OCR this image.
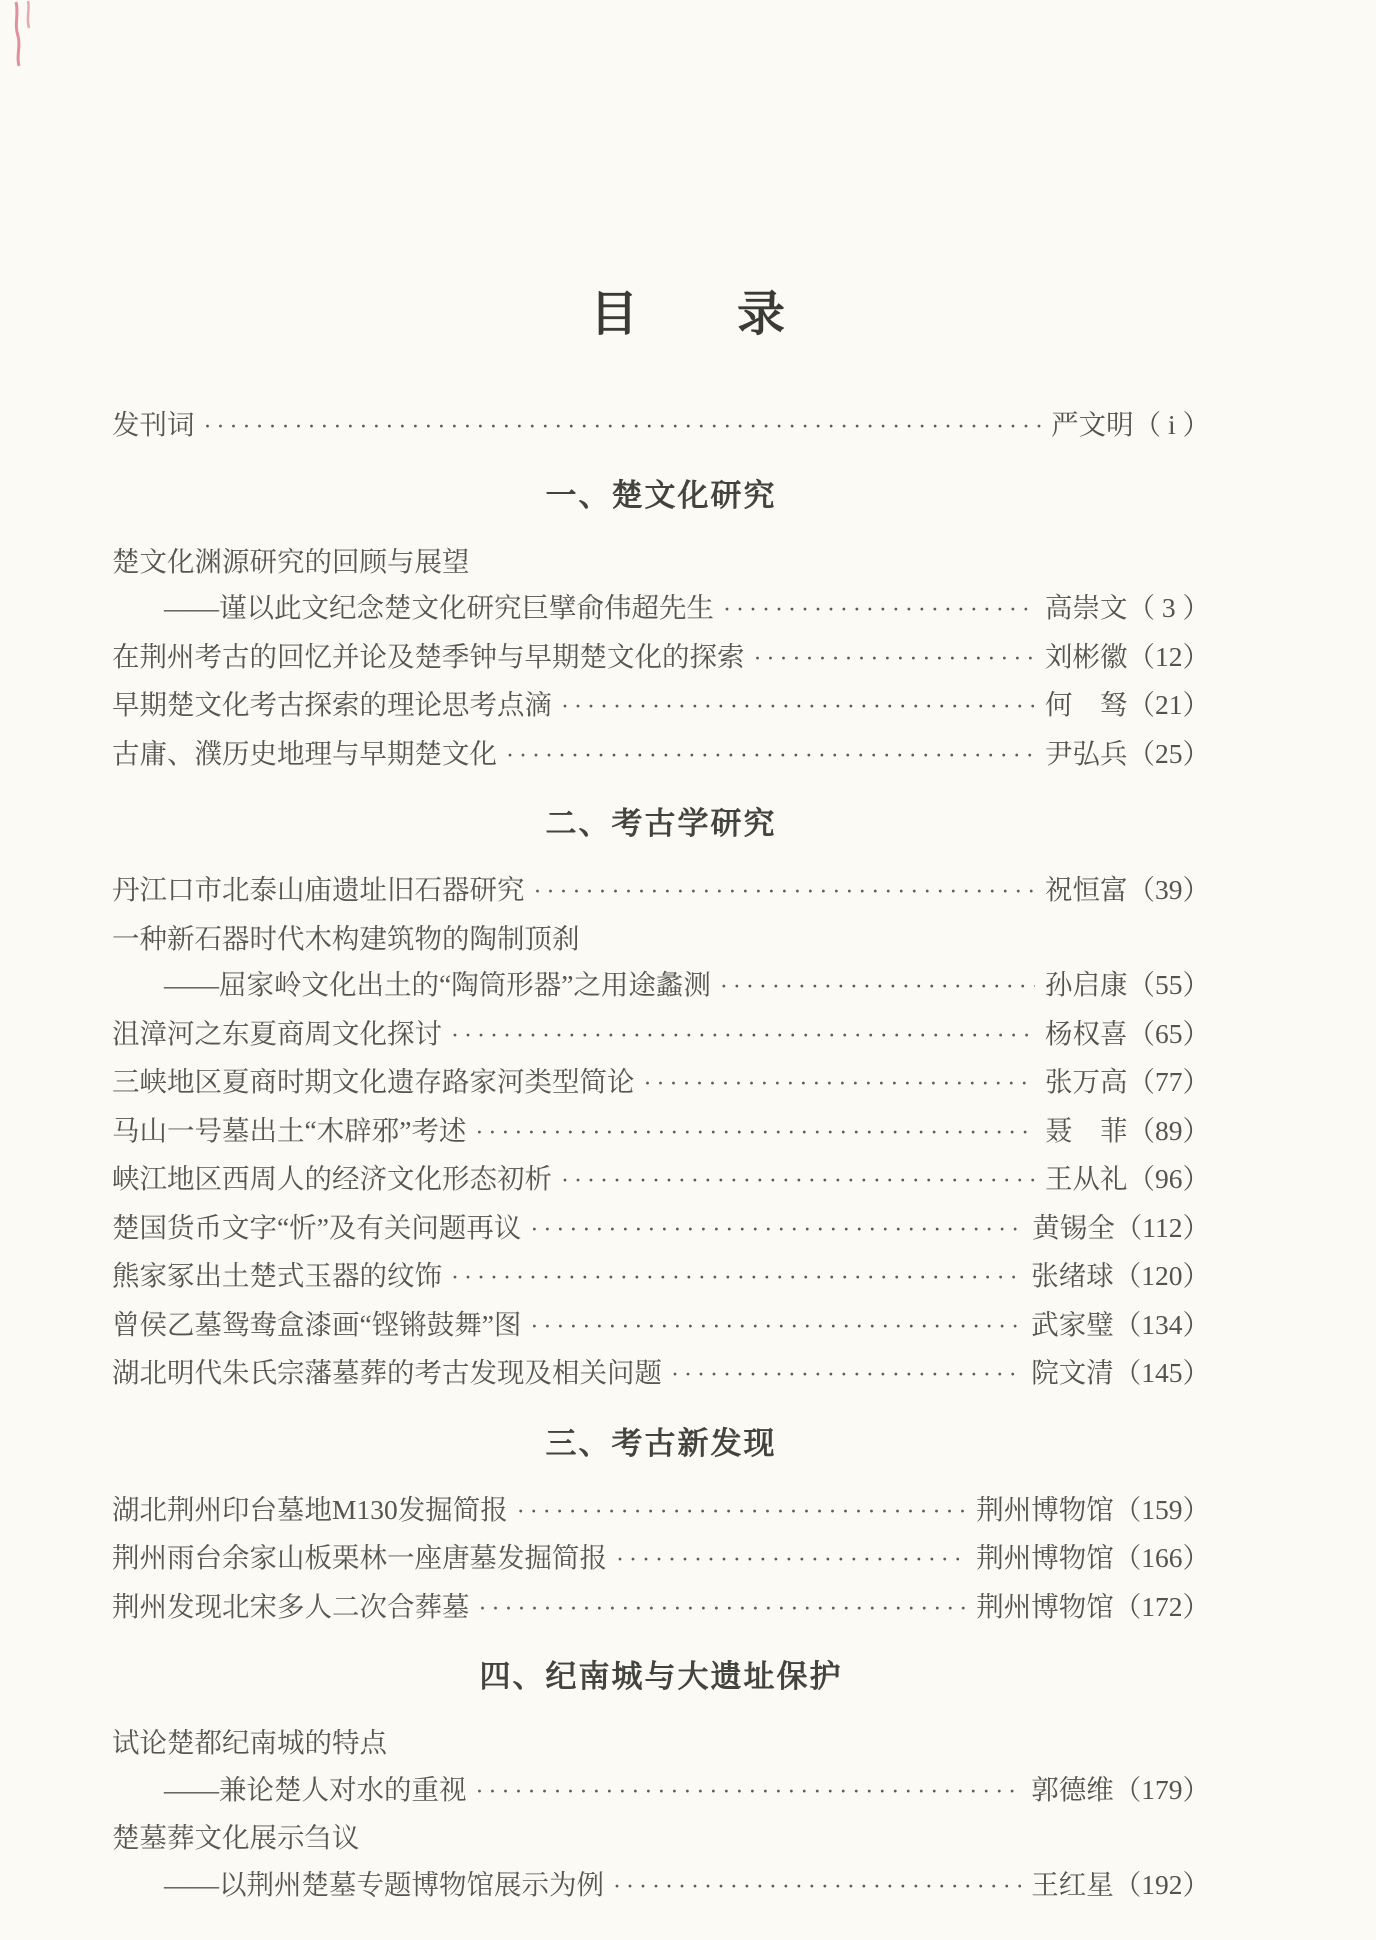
目　　录
发刊词 ·····	严文明（ i ）
一、楚文化研究
楚文化渊源研究的回顾与展望
——谨以此文纪念楚文化研究巨擘俞伟超先生 ·····	高崇文（ 3 ）
在荆州考古的回忆并论及楚季钟与早期楚文化的探索 ·····	刘彬徽（12）
早期楚文化考古探索的理论思考点滴 ·····	何　驽（21）
古庸、濮历史地理与早期楚文化 ·····	尹弘兵（25）
二、考古学研究
丹江口市北泰山庙遗址旧石器研究 ·····	祝恒富（39）
一种新石器时代木构建筑物的陶制顶刹
——屈家岭文化出土的“陶筒形器”之用途蠡测 ·····	孙启康（55）
沮漳河之东夏商周文化探讨 ·····	杨权喜（65）
三峡地区夏商时期文化遗存路家河类型简论 ·····	张万高（77）
马山一号墓出土“木辟邪”考述 ·····	聂　菲（89）
峡江地区西周人的经济文化形态初析 ·····	王从礼（96）
楚国货币文字“忻”及有关问题再议 ·····	黄锡全（112）
熊家冢出土楚式玉器的纹饰 ·····	张绪球（120）
曾侯乙墓鸳鸯盒漆画“铿锵鼓舞”图 ·····	武家璧（134）
湖北明代朱氏宗藩墓葬的考古发现及相关问题 ·····	院文清（145）
三、考古新发现
湖北荆州印台墓地M130发掘简报 ·····	荆州博物馆（159）
荆州雨台余家山板栗林一座唐墓发掘简报 ·····	荆州博物馆（166）
荆州发现北宋多人二次合葬墓 ·····	荆州博物馆（172）
四、纪南城与大遗址保护
试论楚都纪南城的特点
——兼论楚人对水的重视 ·····	郭德维（179）
楚墓葬文化展示刍议
——以荆州楚墓专题博物馆展示为例 ·····	王红星（192）
